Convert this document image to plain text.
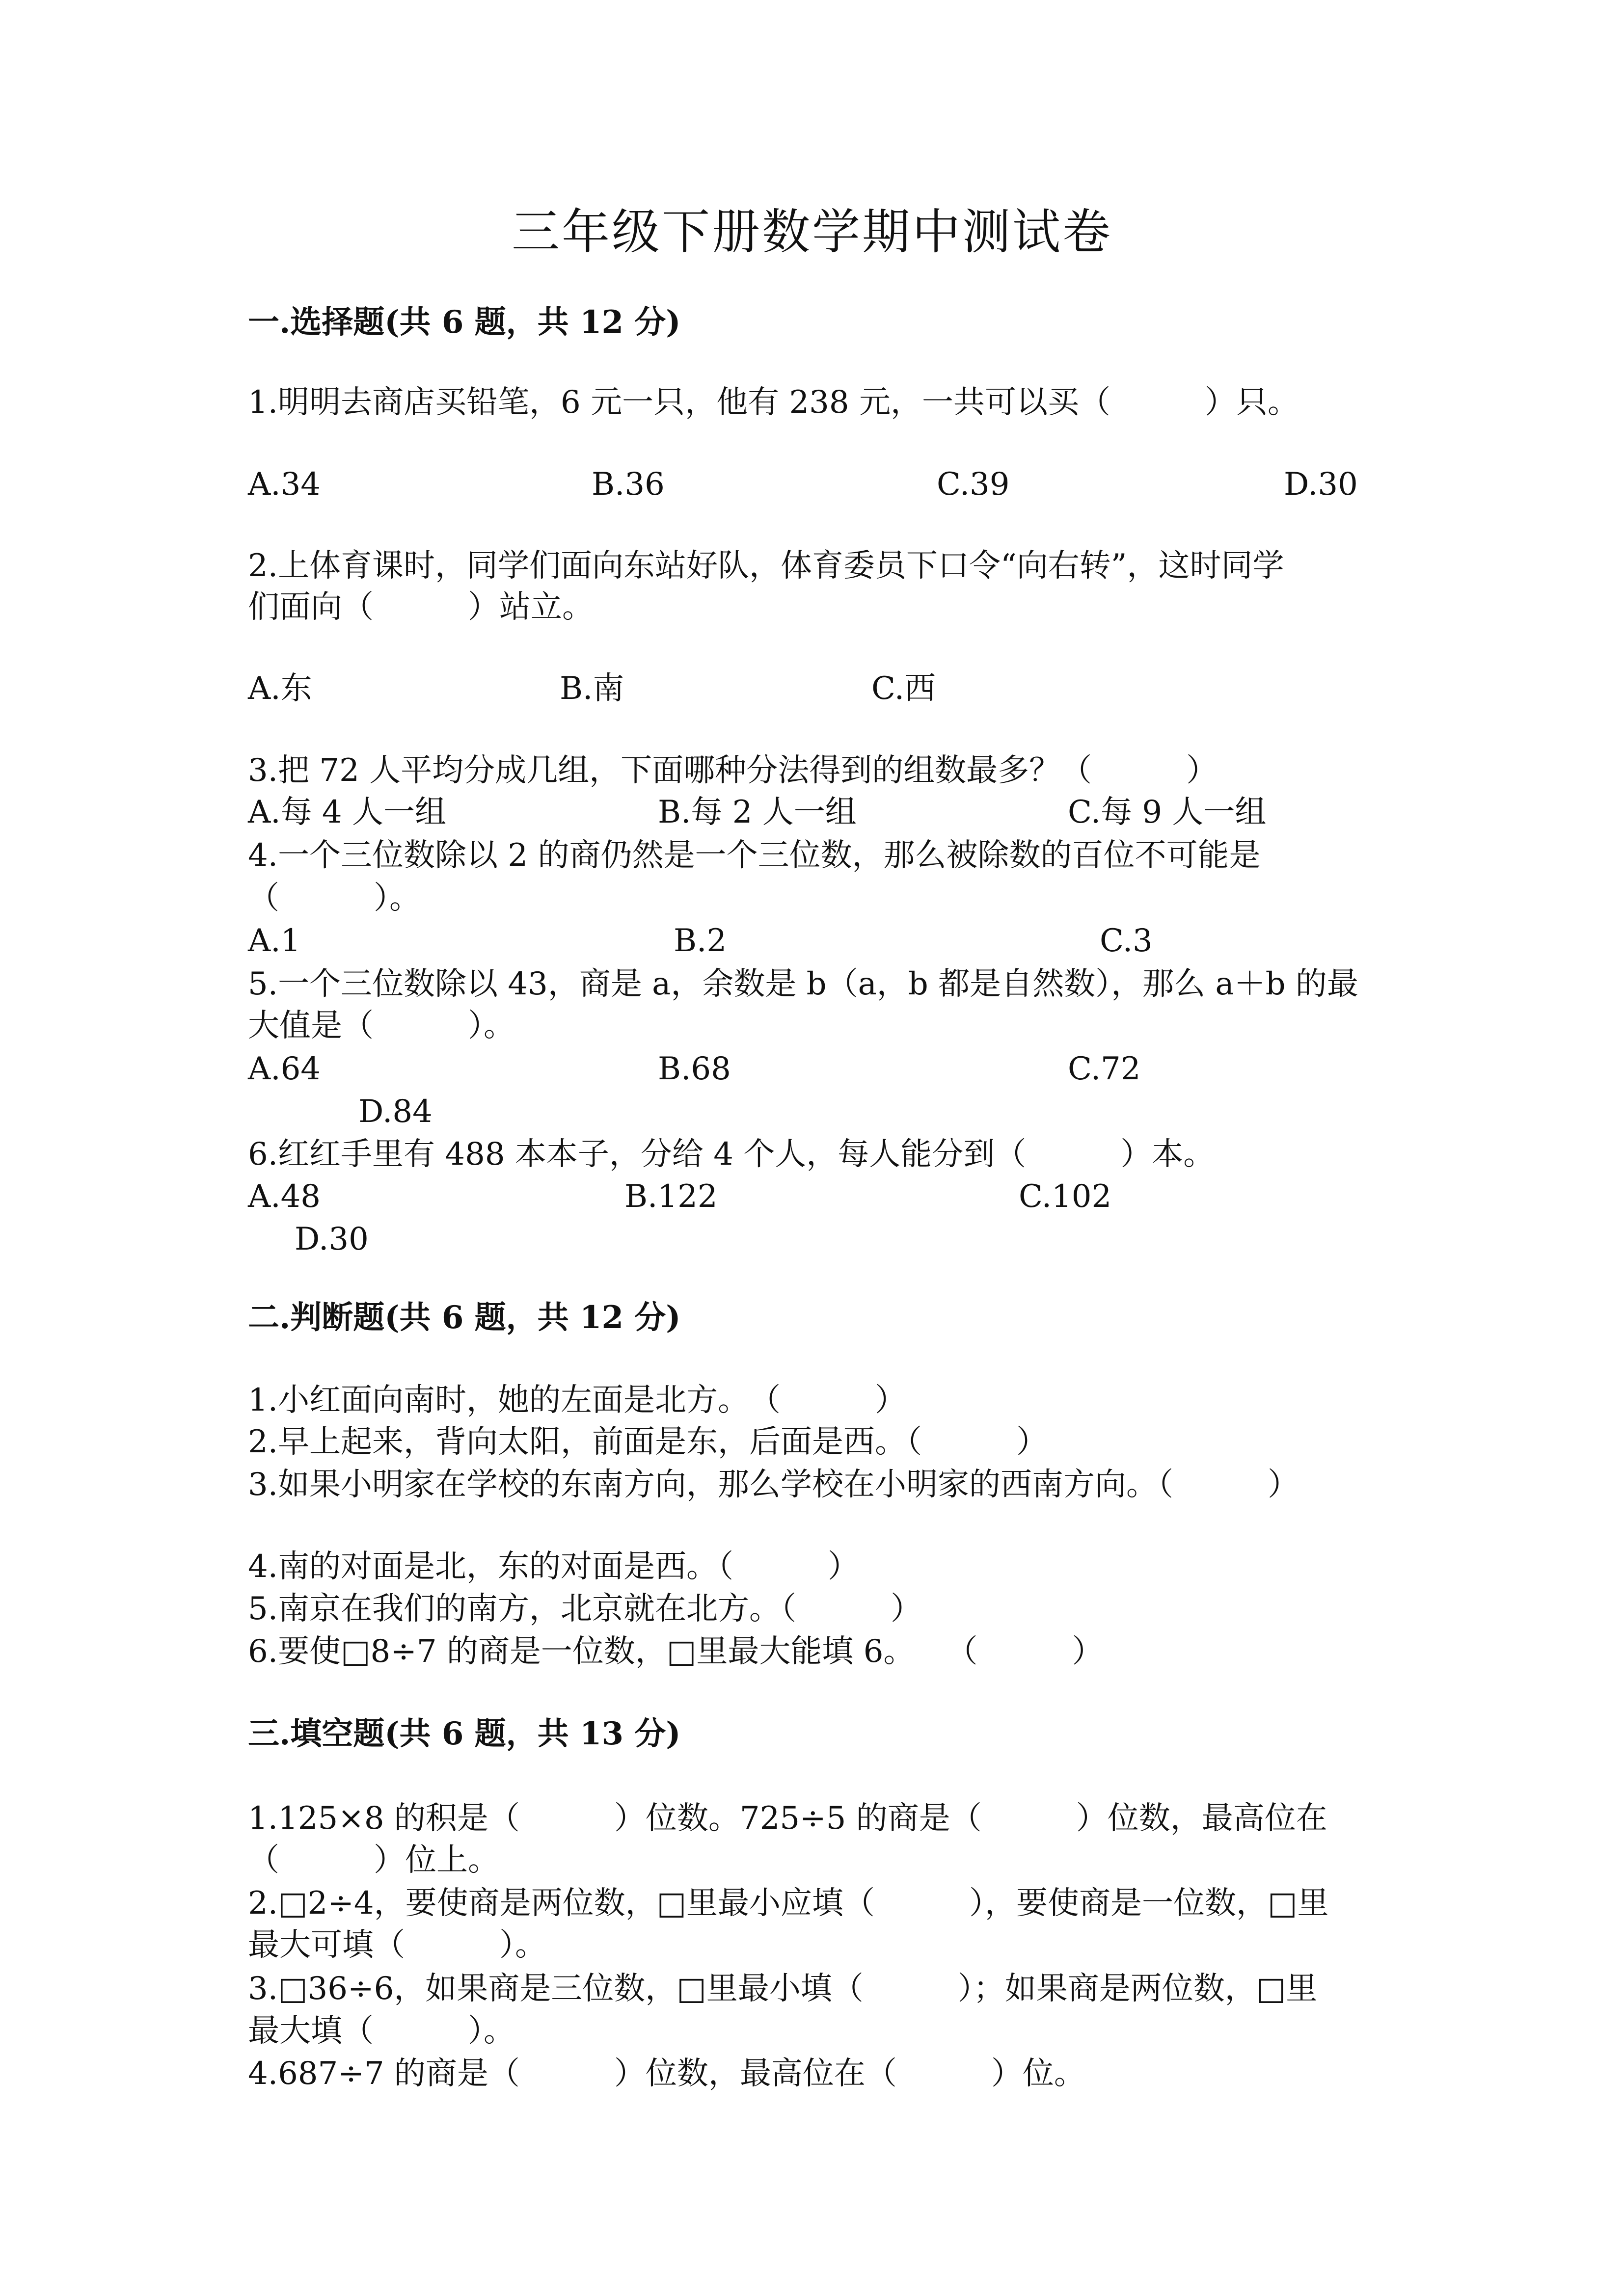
三年级下册数学期中测试卷
一.选择题(共 6 题，共 12 分)
1.明明去商店买铅笔，6 元一只，他有 238 元，一共可以买（　　　）只。
A.34	B.36	C.39	D.30
2.上体育课时，同学们面向东站好队，体育委员下口令“向右转”，这时同学
们面向（　　　）站立。
A.东	B.南	C.西
3.把 72 人平均分成几组，下面哪种分法得到的组数最多？（　　　）
A.每 4 人一组	B.每 2 人一组	C.每 9 人一组
4.一个三位数除以 2 的商仍然是一个三位数，那么被除数的百位不可能是
（　　　）。
A.1	B.2	C.3
5.一个三位数除以 43，商是 a，余数是 b（a，b 都是自然数），那么 a＋b 的最
大值是（　　　）。
A.64	B.68	C.72
D.84
6.红红手里有 488 本本子，分给 4 个人，每人能分到（　　　）本。
A.48	B.122	C.102
D.30
二.判断题(共 6 题，共 12 分)
1.小红面向南时，她的左面是北方。　（　　　）
2.早上起来，背向太阳，前面是东，后面是西。（　　　）
3.如果小明家在学校的东南方向，那么学校在小明家的西南方向。（　　　）
4.南的对面是北，东的对面是西。（　　　）
5.南京在我们的南方，北京就在北方。（　　　）
6.要使□8÷7 的商是一位数，□里最大能填 6。　　（　　　）
三.填空题(共 6 题，共 13 分)
1.125×8 的积是（　　　）位数。725÷5 的商是（　　　）位数，最高位在
（　　　）位上。
2.□2÷4，要使商是两位数，□里最小应填（　　　），要使商是一位数，□里
最大可填（　　　）。
3.□36÷6，如果商是三位数，□里最小填（　　　）；如果商是两位数，□里
最大填（　　　）。
4.687÷7 的商是（　　　）位数，最高位在（　　　）位。
